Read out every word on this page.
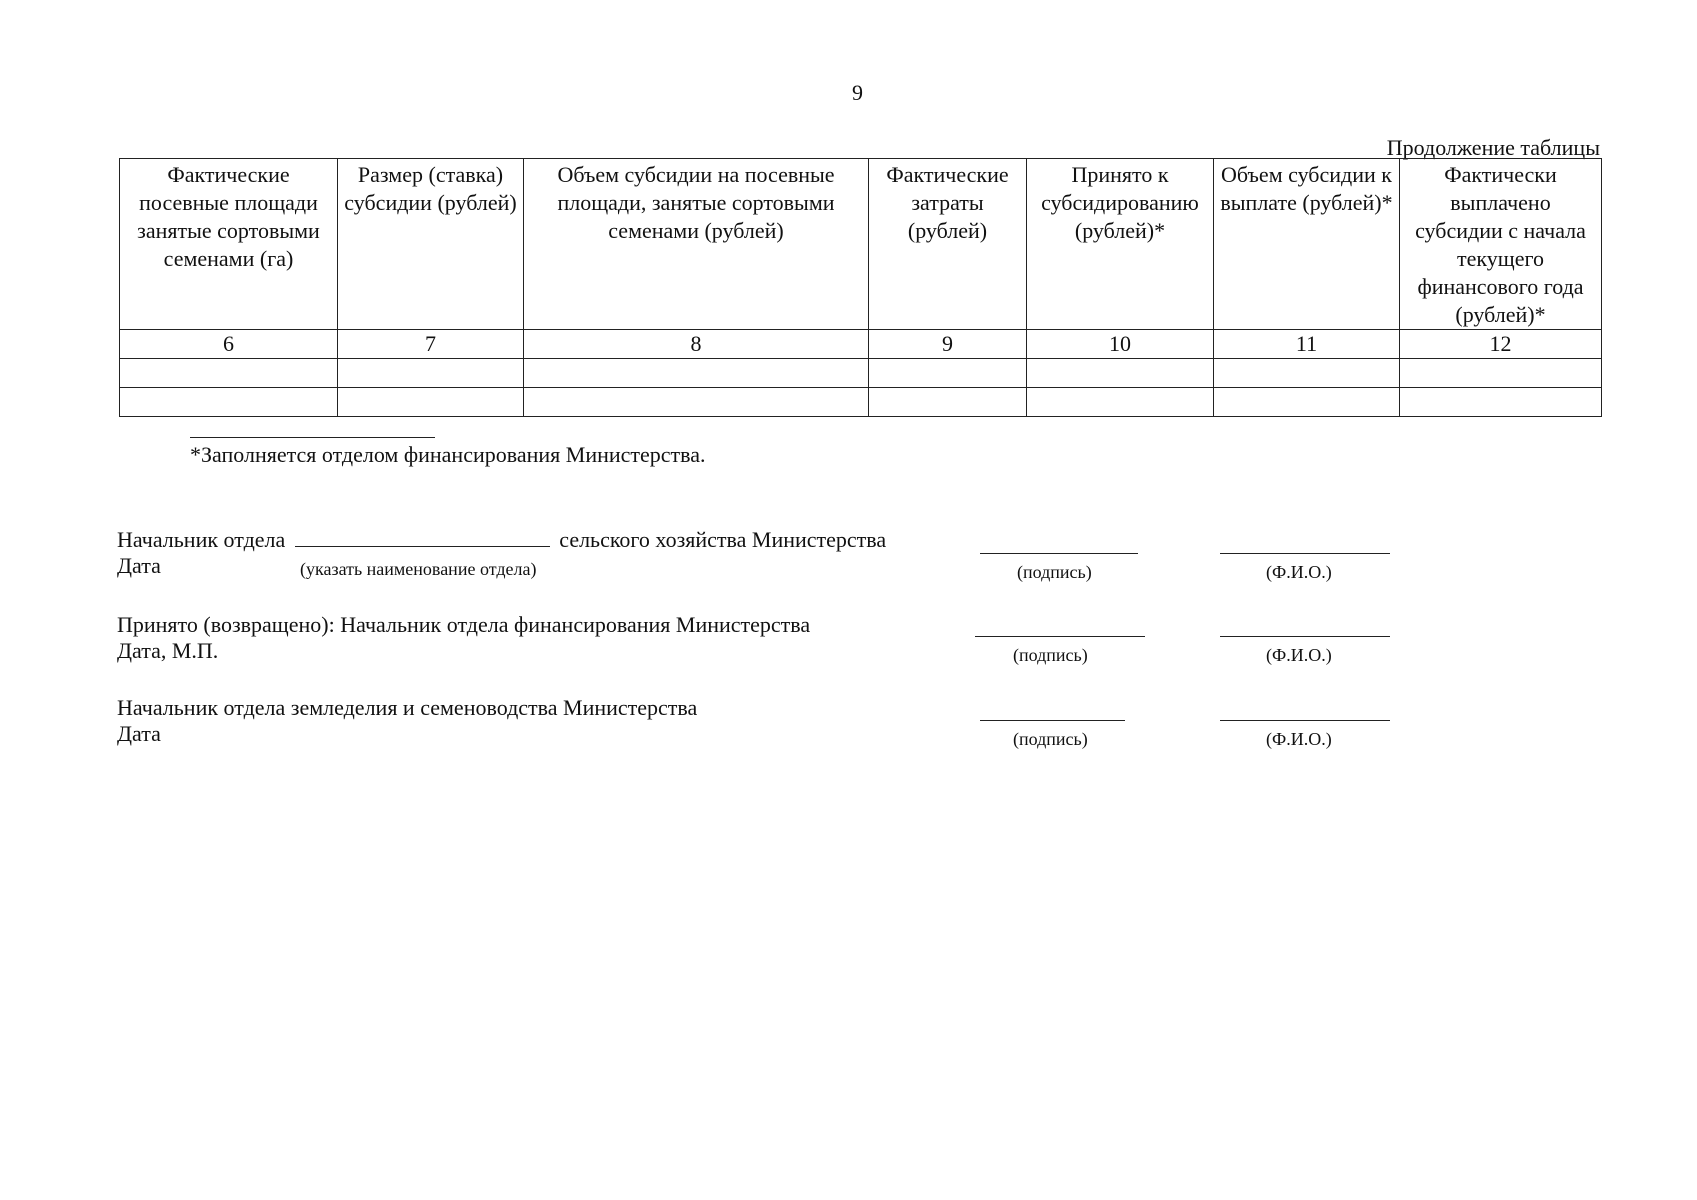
9
Продолжение таблицы
Фактические посевные площади занятые сортовыми семенами (га)	Размер (ставка) субсидии (рублей)	Объем субсидии на посевные площади, занятые сортовыми семенами (рублей)	Фактические затраты (рублей)	Принято к субсидированию (рублей)*	Объем субсидии к выплате (рублей)*	Фактически выплачено субсидии с начала текущего финансового года (рублей)*
6	7	8	9	10	11	12

*Заполняется отделом финансирования Министерства.
Начальник отдела	сельского хозяйства Министерства
Дата	(указать наименование отдела)	(подпись)	(Ф.И.О.)
Принято (возвращено): Начальник отдела финансирования Министерства
Дата, М.П.	(подпись)	(Ф.И.О.)
Начальник отдела земледелия и семеноводства Министерства
Дата	(подпись)	(Ф.И.О.)
